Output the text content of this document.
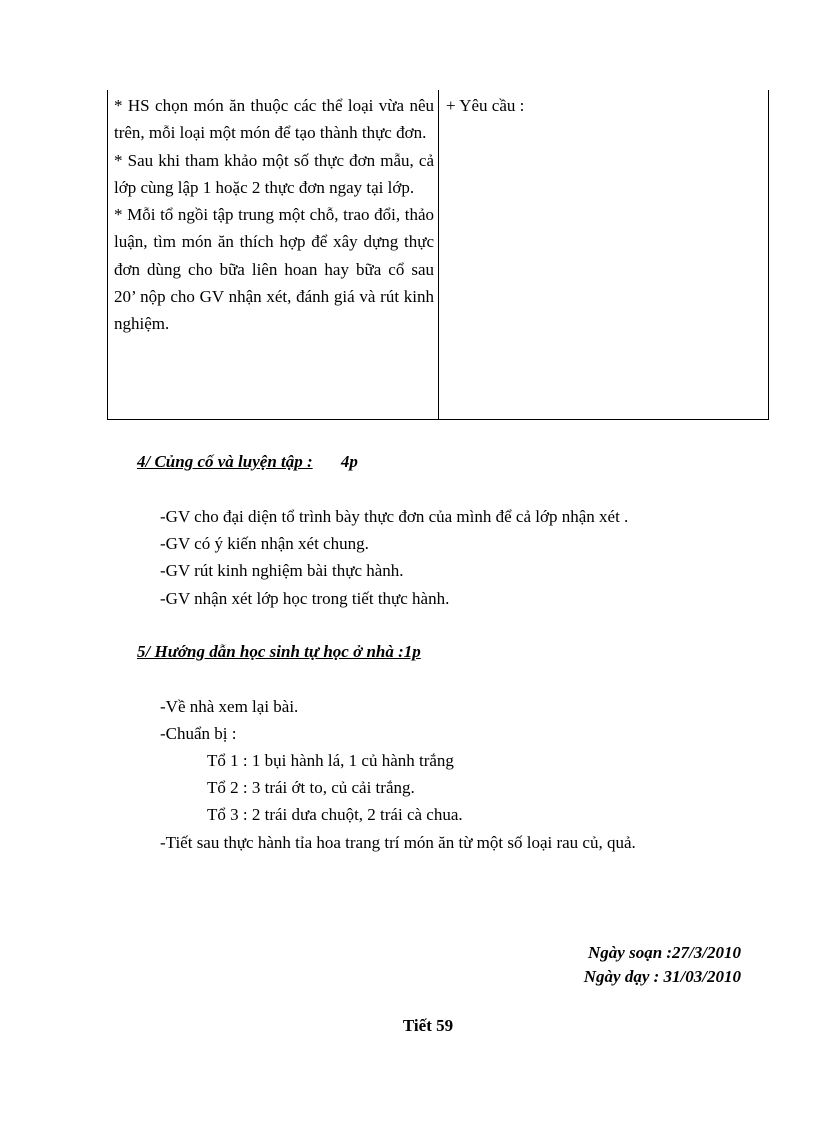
* HS chọn món ăn thuộc các thể loại vừa nêu trên, mỗi loại một món để tạo thành thực đơn.

* Sau khi tham khảo một số thực đơn mẫu, cả lớp cùng lập 1 hoặc 2 thực đơn ngay tại lớp.

* Mỗi tổ ngồi tập trung một chỗ, trao đổi, thảo luận, tìm món ăn thích hợp để xây dựng thực đơn dùng cho bữa liên hoan hay bữa cổ sau 20’ nộp cho GV nhận xét, đánh giá và rút kinh nghiệm.

+ Yêu cầu :
4/ Củng cố và luyện tập : 4p
-GV cho đại diện tổ trình bày thực đơn của mình để cả lớp nhận xét .
-GV có ý kiến nhận xét chung.
-GV rút kinh nghiệm bài thực hành.
-GV nhận xét lớp học trong tiết thực hành.
5/ Hướng dẫn học sinh tự học ở nhà :1p
-Về nhà xem lại bài.
-Chuẩn bị :
Tổ 1 : 1 bụi hành lá, 1 củ hành trắng
Tổ 2 : 3 trái ớt to, củ cải trắng.
Tổ 3 : 2 trái dưa chuột, 2 trái cà chua.
-Tiết sau thực hành tỉa hoa trang trí món ăn từ một số loại rau củ, quả.
Ngày soạn :27/3/2010
Ngày dạy : 31/03/2010
Tiết 59
